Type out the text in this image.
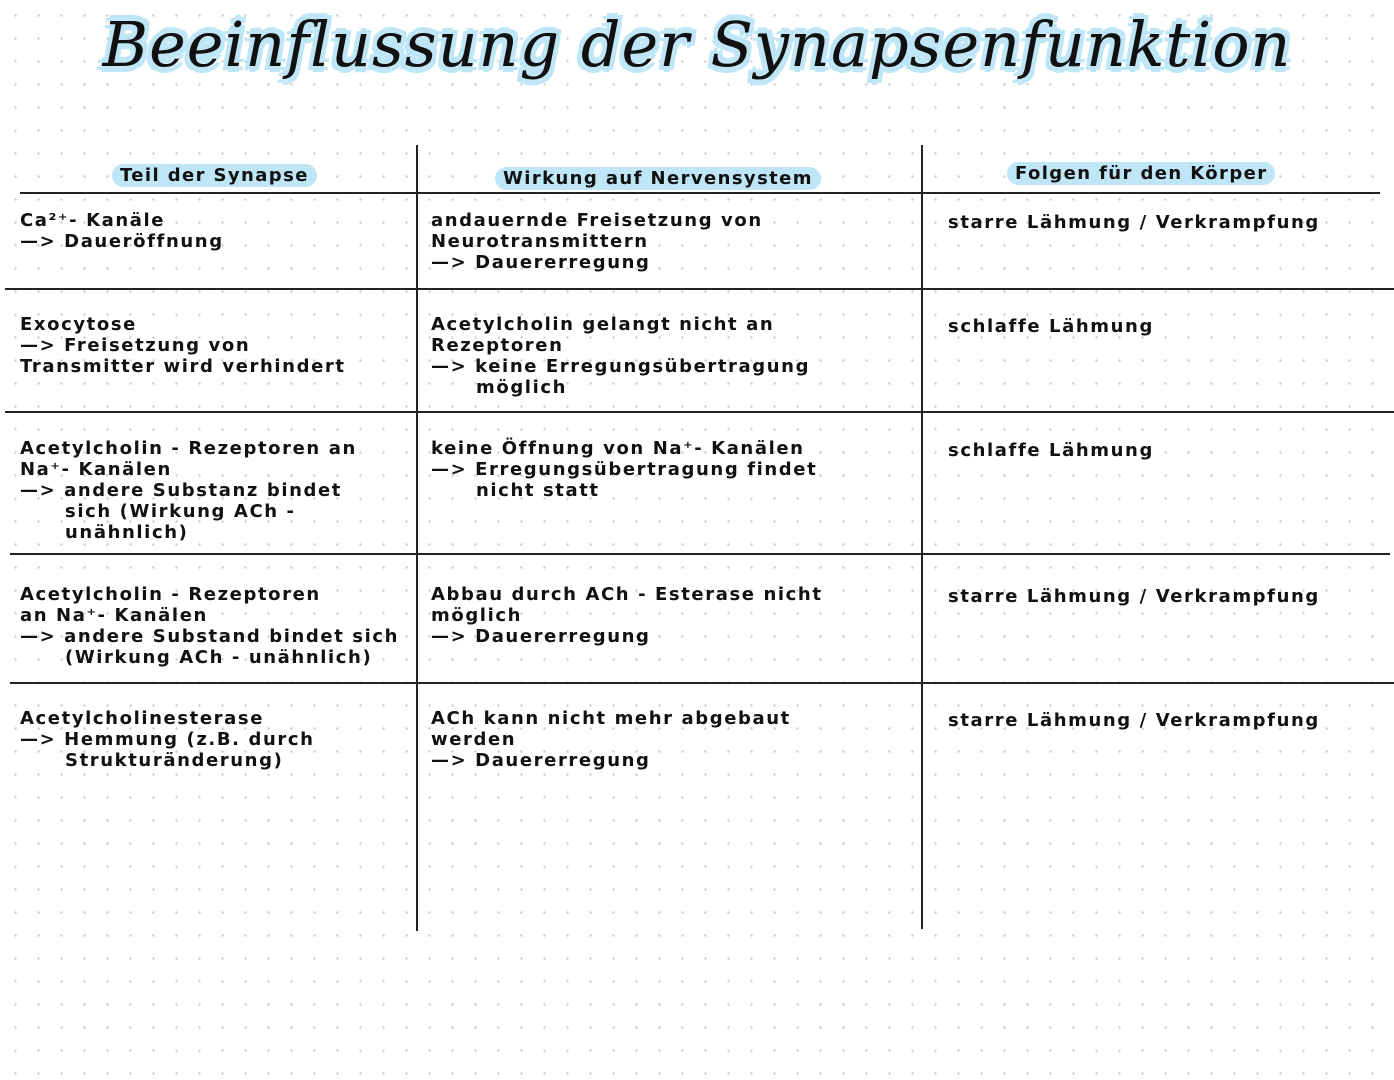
Beeinflussung der Synapsenfunktion
Teil der Synapse	Wirkung auf Nervensystem	Folgen für den Körper
Ca²⁺- Kanäle
—> Daueröffnung
andauernde Freisetzung von
Neurotransmittern
—> Dauererregung
starre Lähmung / Verkrampfung
Exocytose
—> Freisetzung von
Transmitter wird verhindert
Acetylcholin gelangt nicht an
Rezeptoren
—> keine Erregungsübertragung
möglich
schlaffe Lähmung
Acetylcholin - Rezeptoren an
Na⁺- Kanälen
—> andere Substanz bindet
sich (Wirkung ACh -
unähnlich)
keine Öffnung von Na⁺- Kanälen
—> Erregungsübertragung findet
nicht statt
schlaffe Lähmung
Acetylcholin - Rezeptoren
an Na⁺- Kanälen
—> andere Substand bindet sich
(Wirkung ACh - unähnlich)
Abbau durch ACh - Esterase nicht
möglich
—> Dauererregung
starre Lähmung / Verkrampfung
Acetylcholinesterase
—> Hemmung (z.B. durch
Strukturänderung)
ACh kann nicht mehr abgebaut
werden
—> Dauererregung
starre Lähmung / Verkrampfung
